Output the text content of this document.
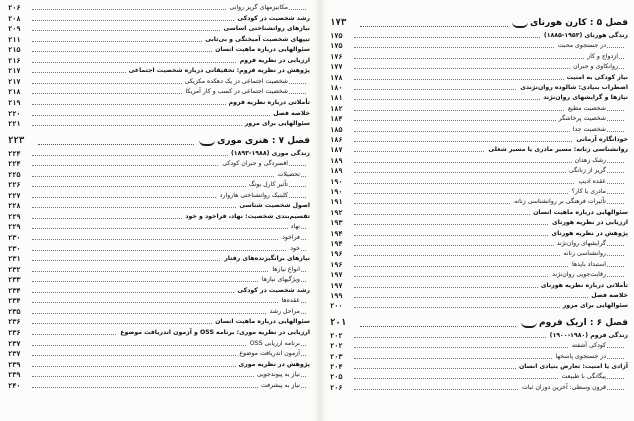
۲۰۶	مکانیزمهای گریز روانی
۲۰۸	رشد شخصیت در کودکی
۲۰۹	نیازهای روانشناختی اساسی
۲۱۱	تیپهای شخصیت آمیختگی و بی‌تابی
۲۱۵	سئوالهایی درباره ماهیت انسان
۲۱۶	ارزیابی در نظریه فروم
۲۱۷	پژوهش در نظریه فروم: تحقیقاتی درباره شخصیت اجتماعی
۲۱۷	شخصیت اجتماعی در یک دهکده مکزیکی
۲۱۸	شخصیت اجتماعی در کسب و کار آمریکا
۲۱۹	تأملاتی درباره نظریه فروم
۲۲۰	خلاصه فصل
۲۲۱	سئوالهایی برای مرور
۲۲۳	فصل ۷ : هنری موری
۲۲۴	زندگی موری (۱۹۸۸-۱۸۹۳)
۲۲۴	افسردگی و جبران کودکی
۲۲۵	تحصیلات
۲۲۶	تأثیر کارل یونگ
۲۲۷	کلینیک روانشناختی هاروارد
۲۲۸	اصول شخصیت شناسی
۲۲۹	تقسیم‌بندی شخصیت: نهاد، فراخود و خود
۲۲۹	نهاد
۲۳۰	فراخود
۲۳۰	خود
۲۳۱	نیازهای برانگیزنده‌های رفتار
۲۳۲	انواع نیازها
۲۳۳	ویژگیهای نیازها
۲۳۴	رشد شخصیت در کودکی
۲۳۴	عقده‌ها
۲۳۵	مراحل رشد
۲۳۶	سئوالهایی درباره ماهیت انسان
۲۳۶	ارزیابی در نظریه موری: برنامه OSS و آزمون اندریافت موضوع
۲۳۷	برنامه ارزیابی OSS
۲۳۷	آزمون اندریافت موضوع
۲۳۹	پژوهش در نظریه موری
۲۳۹	نیاز به پیوندجویی
۲۴۰	نیاز به پیشرفت
۱۷۳	فصل ۵ : کارن هورنای
۱۷۵	زندگی هورنای (۱۹۵۲-۱۸۸۵)
۱۷۵	در جستجوی محبت
۱۷۶	ازدواج و کار
۱۷۷	روانکاوی و جبران
۱۷۸	نیاز کودکی به امنیت
۱۸۰	اضطراب بنیادی: شالوده روان‌نژندی
۱۸۱	نیازها و گرایشهای روان‌نژند
۱۸۲	شخصیت مطیع
۱۸۴	شخصیت پرخاشگر
۱۸۵	شخصیت جدا
۱۸۶	خودانگاره آرمانی
۱۸۷	روانشناسی زنانه: مسیر مادری یا مسیر شغلی
۱۸۹	رشک زهدان
۱۸۹	گریز از زنانگی
۱۹۰	عقده ادیپ
۱۹۰	مادری یا کار؟
۱۹۱	تأثیرات فرهنگی بر روانشناسی زنانه
۱۹۲	سئوالهایی درباره ماهیت انسان
۱۹۳	ارزیابی در نظریه هورنای
۱۹۴	پژوهش در نظریه هورنای
۱۹۴	گرایشهای روان‌نژند
۱۹۶	روانشناسی زنانه
۱۹۶	استبداد بایدها
۱۹۷	رقابت‌جویی روان‌نژند
۱۹۷	تأملاتی درباره نظریه هورنای
۱۹۹	خلاصه فصل
۲۰۰	سئوالهایی برای مرور
۲۰۱	فصل ۶ : اریک فروم
۲۰۲	زندگی فروم (۱۹۸۰-۱۹۰۰)
۲۰۲	کودکی آشفته
۲۰۳	در جستجوی پاسخها
۲۰۴	آزادی یا امنیت: تعارض بنیادی انسان
۲۰۵	پیگانگی با طبیعت
۲۰۶	قرون وسطی: آخرین دوران ثبات
